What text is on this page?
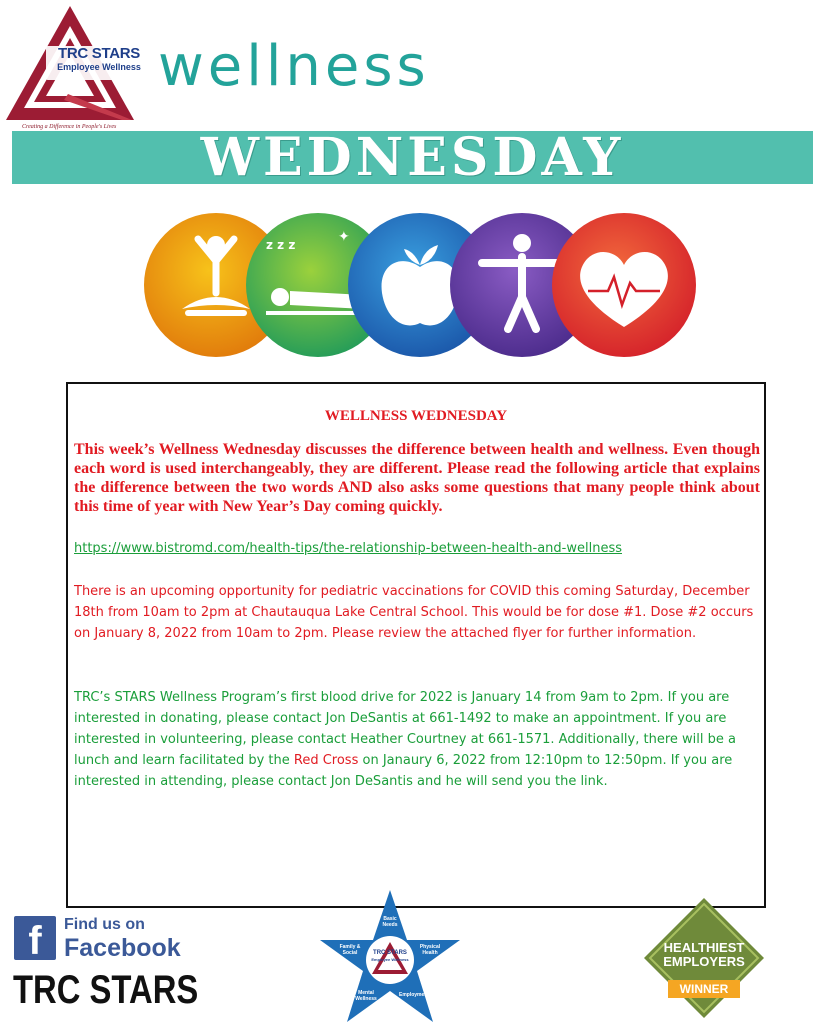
TRC STARS
Employee Wellness
Creating a Difference in People's Lives
wellness
WEDNESDAY
z z z	✦
WELLNESS WEDNESDAY

This week’s Wellness Wednesday discusses the difference between health and wellness. Even though each word is used interchangeably, they are different. Please read the following article that explains the difference between the two words AND also asks some questions that many people think about this time of year with New Year’s Day coming quickly.

https://www.bistromd.com/health-tips/the-relationship-between-health-and-wellness

There is an upcoming opportunity for pediatric vaccinations for COVID this coming Saturday, December 18th from 10am to 2pm at Chautauqua Lake Central School. This would be for dose #1. Dose #2 occurs on January 8, 2022 from 10am to 2pm. Please review the attached flyer for further information.

TRC’s STARS Wellness Program’s first blood drive for 2022 is January 14 from 9am to 2pm. If you are interested in donating, please contact Jon DeSantis at 661-1492 to make an appointment. If you are interested in volunteering, please contact Heather Courtney at 661-1571. Additionally, there will be a lunch and learn facilitated by the Red Cross on Janaury 6, 2022 from 12:10pm to 12:50pm. If you are interested in attending, please contact Jon DeSantis and he will send you the link.

f	Find us on
Facebook
TRC STARS
TRC STARS
Employee Wellness
Basic Needs
Family & Social
Physical Health
Mental Wellness
Employment
HEALTHIEST
EMPLOYERS
WINNER
